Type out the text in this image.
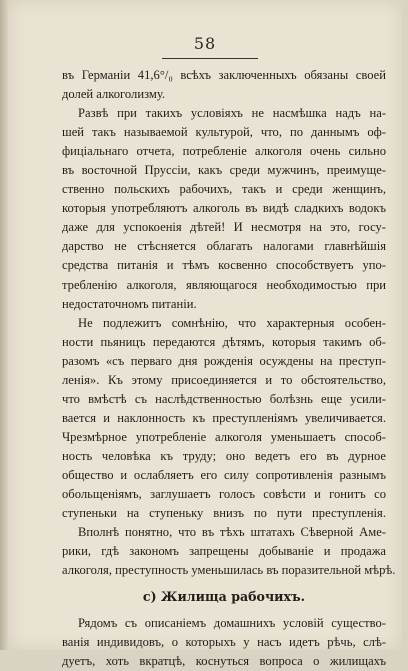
58
въ Германіи 41,6°/₀ всѣхъ заключенныхъ обязаны своей
долей алкоголизму.
Развѣ при такихъ условіяхъ не насмѣшка надъ на-
шей такъ называемой культурой, что, по даннымъ оф-
фиціальнаго отчета, потребленіе алкоголя очень сильно
въ восточной Пруссіи, какъ среди мужчинъ, преимуще-
ственно польскихъ рабочихъ, такъ и среди женщинъ,
которыя употребляютъ алкоголь въ видѣ сладкихъ водокъ
даже для успокоенія дѣтей! И несмотря на это, госу-
дарство не стѣсняется облагать налогами главнѣйшія
средства питанія и тѣмъ косвенно способствуетъ упо-
требленію алкоголя, являющагося необходимостью при
недостаточномъ питаніи.
Не подлежитъ сомнѣнію, что характерныя особен-
ности пьяницъ передаются дѣтямъ, которыя такимъ об-
разомъ «съ перваго дня рожденія осуждены на преступ-
ленія». Къ этому присоединяется и то обстоятельство,
что вмѣстѣ съ наслѣдственностью болѣзнь еще усили-
вается и наклонность къ преступленіямъ увеличивается.
Чрезмѣрное употребленіе алкоголя уменьшаетъ способ-
ность человѣка къ труду; оно ведетъ его въ дурное
общество и ослабляетъ его силу сопротивленія разнымъ
обольщеніямъ, заглушаетъ голосъ совѣсти и гонитъ со
ступеньки на ступеньку внизъ по пути преступленія.
Вполнѣ понятно, что въ тѣхъ штатахъ Сѣверной Аме-
рики, гдѣ закономъ запрещены добываніе и продажа
алкоголя, преступность уменьшилась въ поразительной мѣрѣ.
с) Жилища рабочихъ.
Рядомъ съ описаніемъ домашнихъ условій существо-
ванія индивидовъ, о которыхъ у насъ идетъ рѣчь, слѣ-
дуетъ, хоть вкратцѣ, коснуться вопроса о жилищахъ
